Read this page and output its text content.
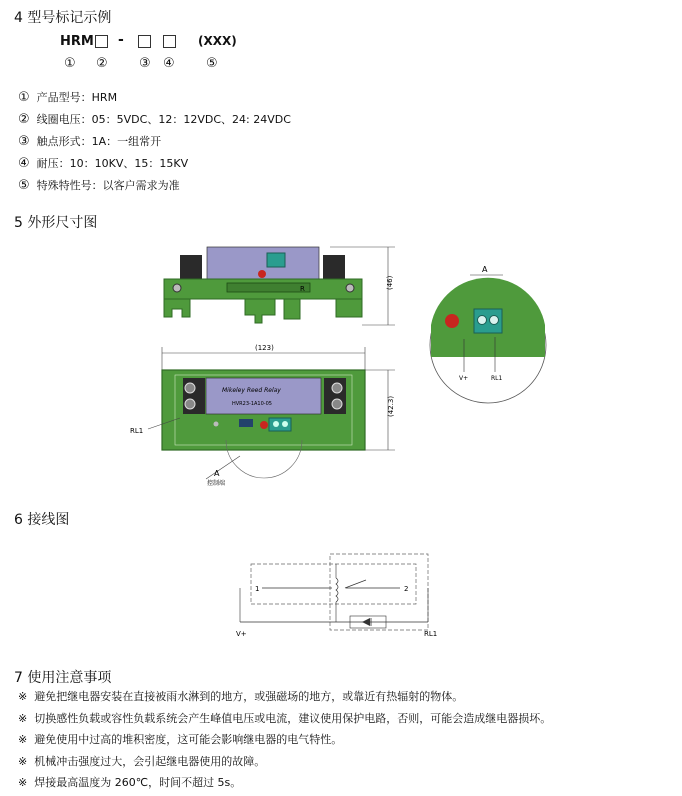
4 型号标记示例
HRM -	(XXX)
① ② ③ ④ ⑤
① 产品型号：HRM
② 线圈电压：05：5VDC、12：12VDC、24: 24VDC
③ 触点形式：1A：一组常开
④ 耐压：10：10KV、15：15KV
⑤ 特殊特性号：以客户需求为准
5 外形尺寸图
R	(46)
(123)
Mikeley Reed Relay
HVR23-1A10-05	(42.3)
RL1
A
控制端
A
V+	RL1
6 接线图
1	2
V+	RL1
7 使用注意事项
※ 避免把继电器安装在直接被雨水淋到的地方，或强磁场的地方，或靠近有热辐射的物体。
※ 切换感性负载或容性负载系统会产生峰值电压或电流，建议使用保护电路，否则，可能会造成继电器损坏。
※ 避免使用中过高的堆积密度，这可能会影响继电器的电气特性。
※ 机械冲击强度过大，会引起继电器使用的故障。
※ 焊接最高温度为 260℃，时间不超过 5s。
